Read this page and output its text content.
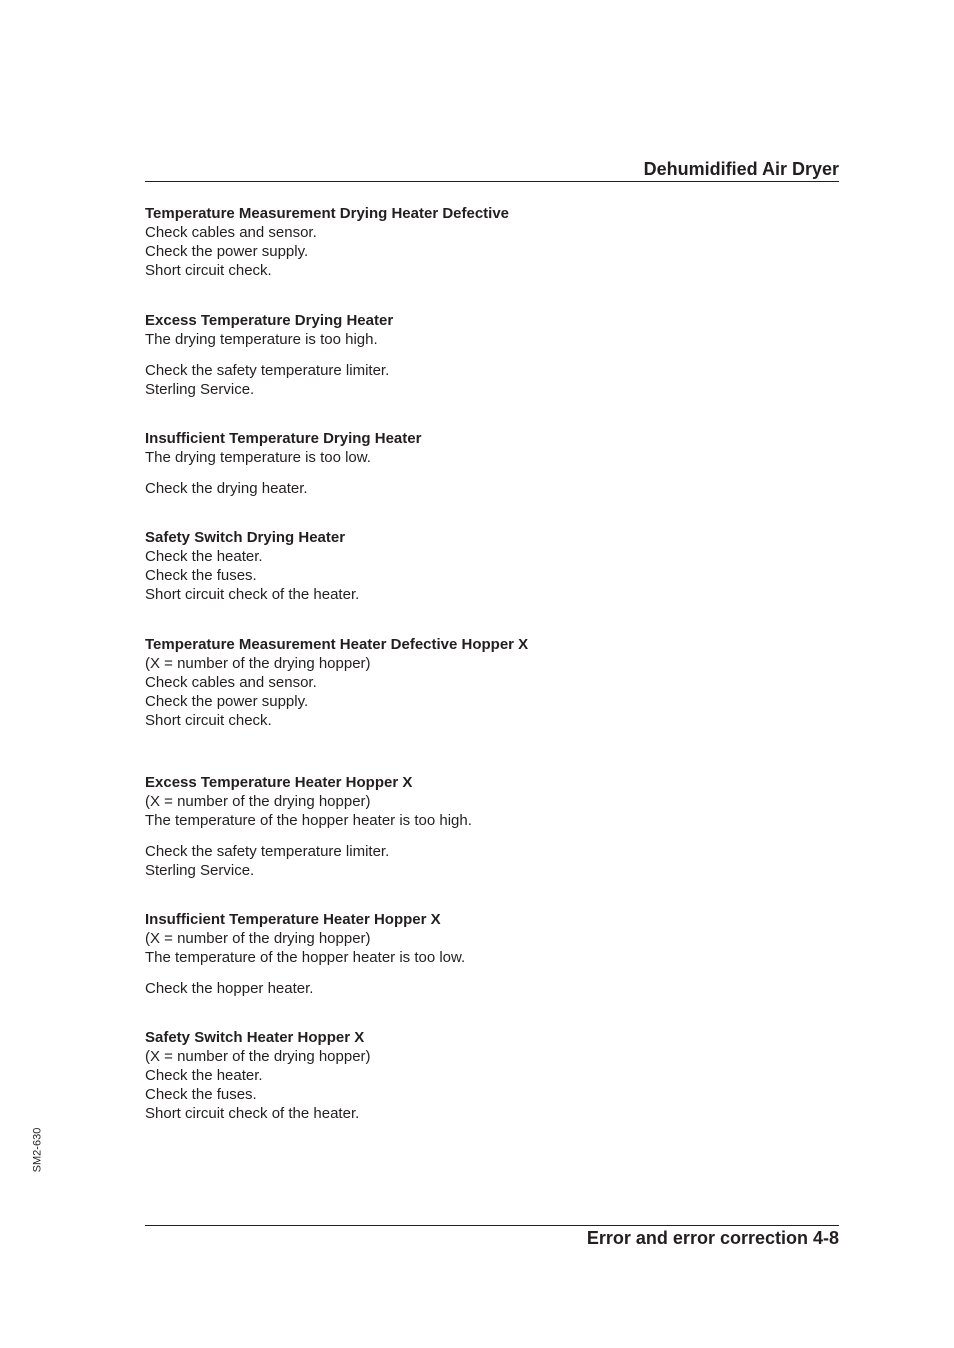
Dehumidified Air Dryer
Temperature Measurement Drying Heater Defective
Check cables and sensor.
Check the power supply.
Short circuit check.
Excess Temperature Drying Heater
The drying temperature is too high.
Check the safety temperature limiter.
Sterling Service.
Insufficient Temperature Drying Heater
The drying temperature is too low.
Check the drying heater.
Safety Switch Drying Heater
Check the heater.
Check the fuses.
Short circuit check of the heater.
Temperature Measurement Heater Defective Hopper X
(X = number of the drying hopper)
Check cables and sensor.
Check the power supply.
Short circuit check.
Excess Temperature Heater Hopper X
(X = number of the drying hopper)
The temperature of the hopper heater is too high.
Check the safety temperature limiter.
Sterling Service.
Insufficient Temperature Heater Hopper X
(X = number of the drying hopper)
The temperature of the hopper heater is too low.
Check the hopper heater.
Safety Switch Heater Hopper X
(X = number of the drying hopper)
Check the heater.
Check the fuses.
Short circuit check of the heater.
SM2-630
Error and error correction 4-8
